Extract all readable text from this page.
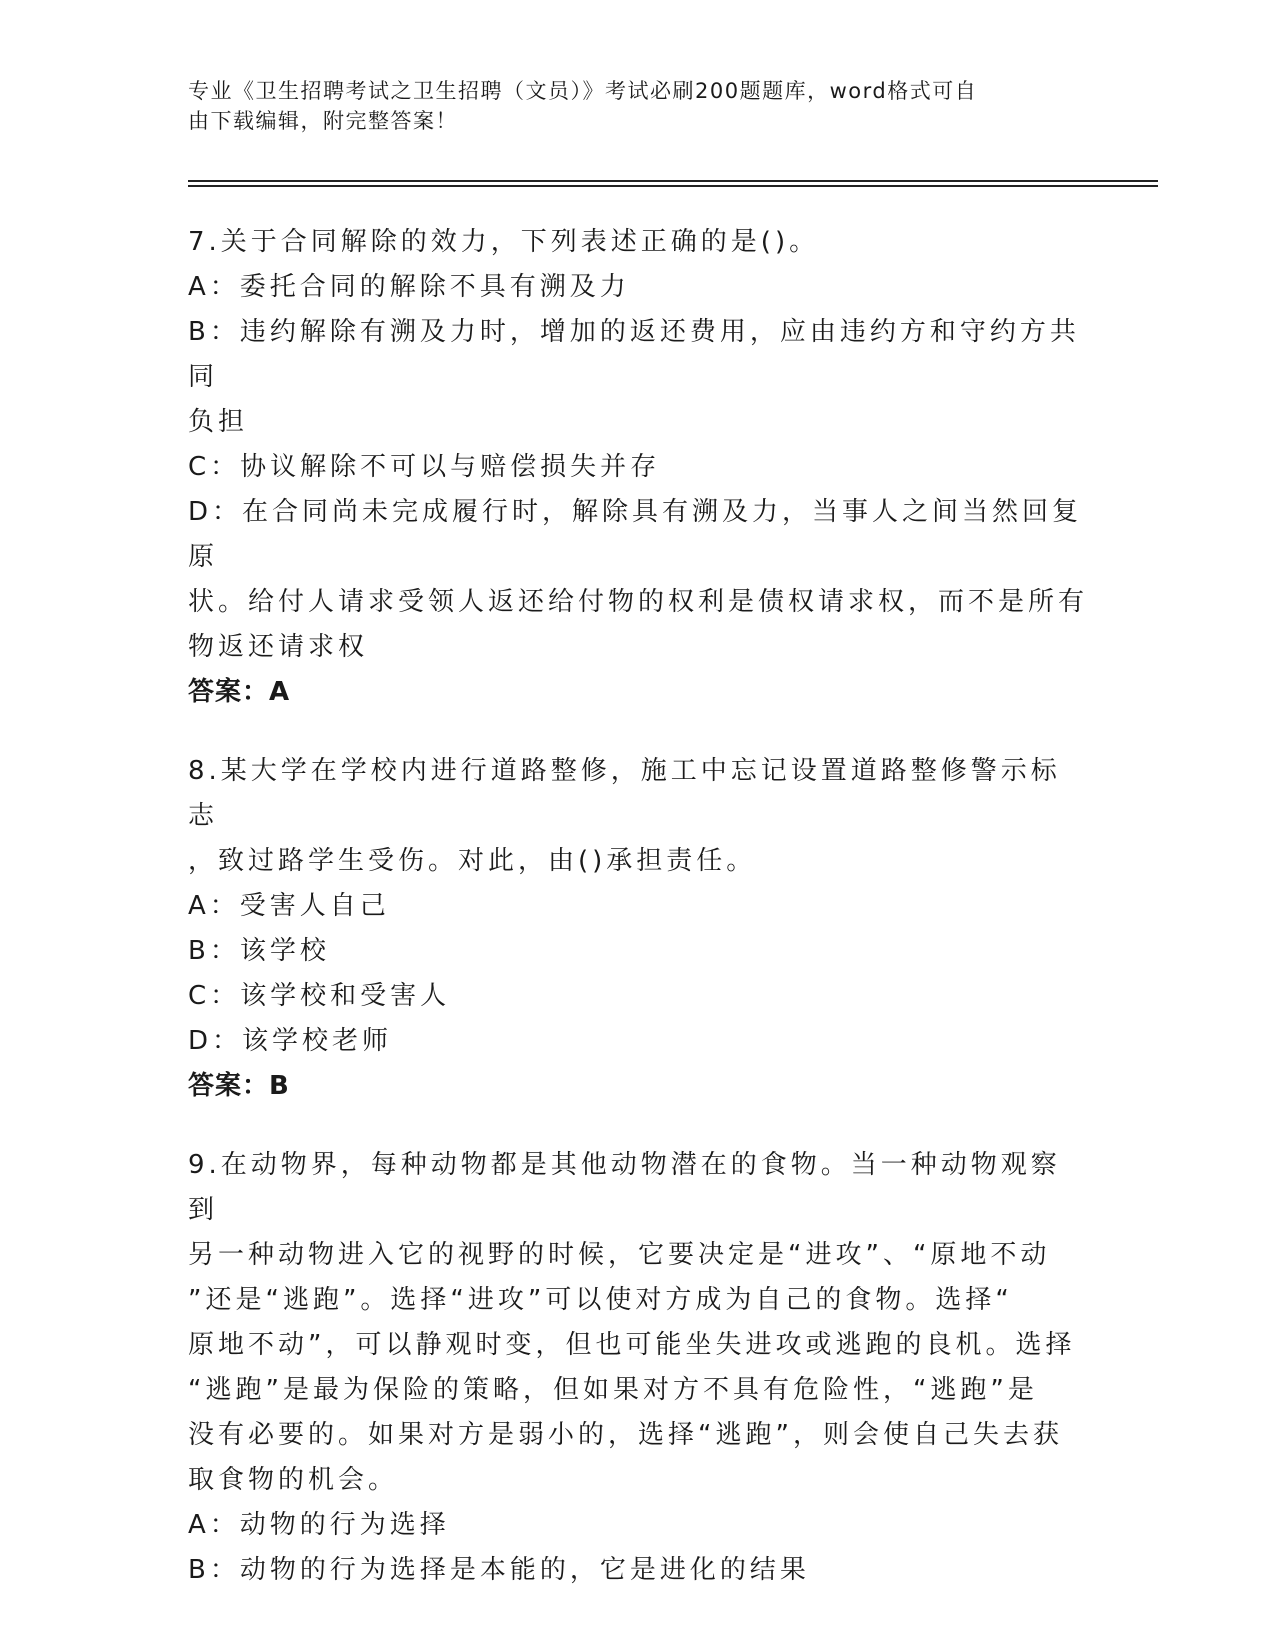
专业《卫生招聘考试之卫生招聘（文员）》考试必刷200题题库，word格式可自
由下载编辑，附完整答案！
7.关于合同解除的效力，下列表述正确的是()。
A：委托合同的解除不具有溯及力
B：违约解除有溯及力时，增加的返还费用，应由违约方和守约方共同
负担
C：协议解除不可以与赔偿损失并存
D：在合同尚未完成履行时，解除具有溯及力，当事人之间当然回复原
状。给付人请求受领人返还给付物的权利是债权请求权，而不是所有
物返还请求权
答案：A
8.某大学在学校内进行道路整修，施工中忘记设置道路整修警示标志
，致过路学生受伤。对此，由()承担责任。
A：受害人自己
B：该学校
C：该学校和受害人
D：该学校老师
答案：B
9.在动物界，每种动物都是其他动物潜在的食物。当一种动物观察到
另一种动物进入它的视野的时候，它要决定是“进攻”、“原地不动
”还是“逃跑”。选择“进攻”可以使对方成为自己的食物。选择“
原地不动”，可以静观时变，但也可能坐失进攻或逃跑的良机。选择
“逃跑”是最为保险的策略，但如果对方不具有危险性，“逃跑”是
没有必要的。如果对方是弱小的，选择“逃跑”，则会使自己失去获
取食物的机会。
A：动物的行为选择
B：动物的行为选择是本能的，它是进化的结果
